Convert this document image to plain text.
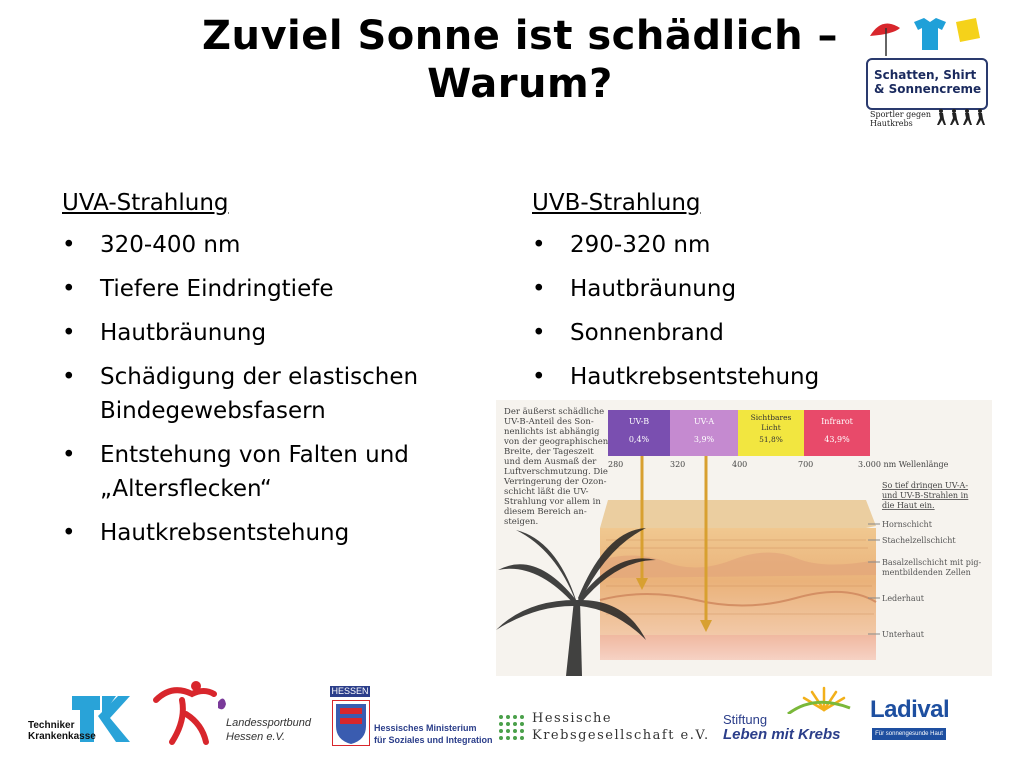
Zuviel Sonne ist schädlich – Warum?	Schatten, Shirt
& Sonnencreme
Sportler gegen
Hautkrebs
UVA-Strahlung
• 320-400 nm
• Tiefere Eindringtiefe
• Hautbräunung
• Schädigung der elastischen Bindegewebsfasern
• Entstehung von Falten und „Altersflecken“
• Hautkrebsentstehung
UVB-Strahlung
• 290-320 nm
• Hautbräunung
• Sonnenbrand
• Hautkrebsentstehung
Der äußerst schädliche
UV-B-Anteil des Son-
nenlichts ist abhängig
von der geographischen
Breite, der Tageszeit
und dem Ausmaß der
Luftverschmutzung. Die
Verringerung der Ozon-
schicht läßt die UV-
Strahlung vor allem in
diesem Bereich an-
steigen.
UV-B
0,4%
UV-A
3,9%
Infrarot
43,9%
Sichtbares
Licht
51,8%
280	320	400	700	3.000 nm Wellenlänge
So tief dringen UV-A-
und UV-B-Strahlen in
die Haut ein.
Hornschicht
Stachelzellschicht
Basalzellschicht mit pig-
mentbildenden Zellen
Lederhaut
Unterhaut
Techniker
Krankenkasse
Landessportbund
Hessen e.V.
HESSEN
Hessisches Ministerium
für Soziales und Integration
Hessische
Krebsgesellschaft e.V.
Stiftung
Leben mit Krebs
Ladival
Für sonnengesunde Haut
